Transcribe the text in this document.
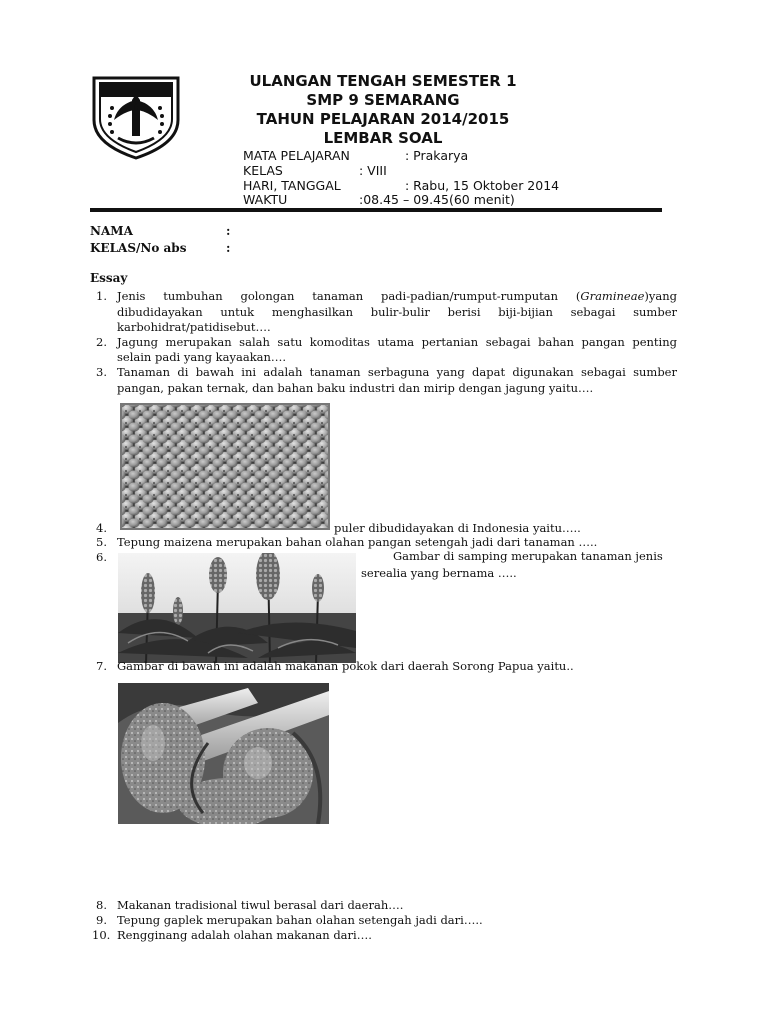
ULANGAN TENGAH SEMESTER 1
SMP 9 SEMARANG
TAHUN PELAJARAN 2014/2015
LEMBAR SOAL
MATA PELAJARAN	: Prakarya
KELAS	: VIII
HARI, TANGGAL	: Rabu, 15 Oktober 2014
WAKTU	:08.45 – 09.45(60 menit)
NAMA	:
KELAS/No abs	:
Essay
1. Jenis tumbuhan golongan tanaman padi-padian/rumput-rumputan (Gramineae)yang
dibudidayakan untuk menghasilkan bulir-bulir berisi biji-bijian sebagai sumber
karbohidrat/patidisebut….
2. Jagung merupakan salah satu komoditas utama pertanian sebagai bahan pangan penting
selain padi yang kayaakan….
3. Tanaman di bawah ini adalah tanaman serbaguna yang dapat digunakan sebagai sumber
pangan, pakan ternak, dan bahan baku industri dan mirip dengan jagung yaitu….
4.	puler dibudidayakan di Indonesia yaitu…..
5. Tepung maizena merupakan bahan olahan pangan setengah jadi dari tanaman …..
6.	Gambar di samping merupakan tanaman jenis
serealia yang bernama …..
7. Gambar di bawah ini adalah makanan pokok dari daerah Sorong Papua yaitu..
8. Makanan tradisional tiwul berasal dari daerah….
9. Tepung gaplek merupakan bahan olahan setengah jadi dari…..
10. Rengginang adalah olahan makanan dari….
